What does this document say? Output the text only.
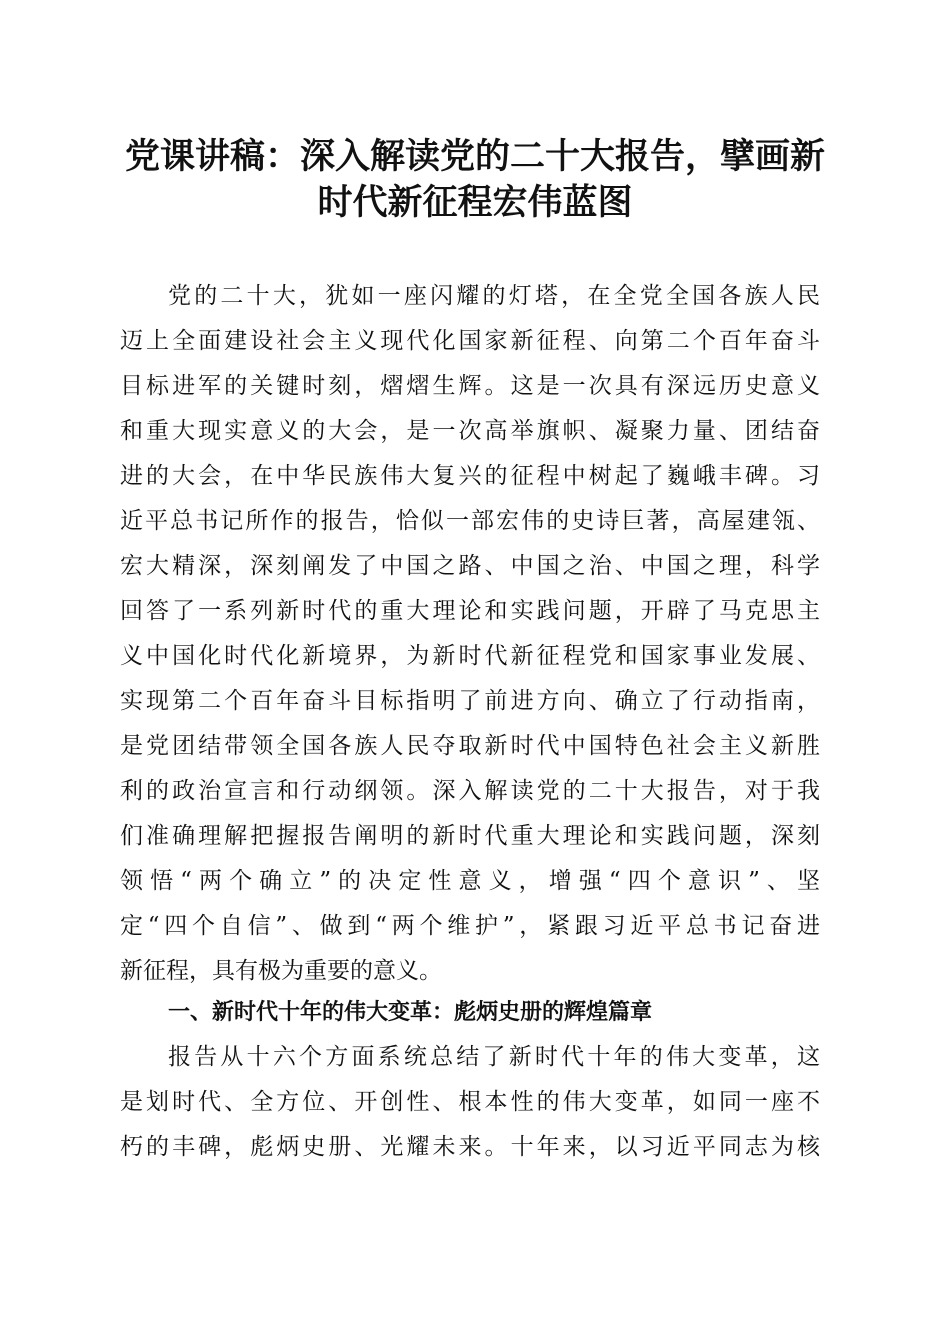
党课讲稿：深入解读党的二十大报告，擘画新
时代新征程宏伟蓝图

党的二十大，犹如一座闪耀的灯塔，在全党全国各族人民

迈上全面建设社会主义现代化国家新征程、向第二个百年奋斗

目标进军的关键时刻，熠熠生辉。这是一次具有深远历史意义

和重大现实意义的大会，是一次高举旗帜、凝聚力量、团结奋

进的大会，在中华民族伟大复兴的征程中树起了巍峨丰碑。习

近平总书记所作的报告，恰似一部宏伟的史诗巨著，高屋建瓴、

宏大精深，深刻阐发了中国之路、中国之治、中国之理，科学

回答了一系列新时代的重大理论和实践问题，开辟了马克思主

义中国化时代化新境界，为新时代新征程党和国家事业发展、

实现第二个百年奋斗目标指明了前进方向、确立了行动指南，

是党团结带领全国各族人民夺取新时代中国特色社会主义新胜

利的政治宣言和行动纲领。深入解读党的二十大报告，对于我

们准确理解把握报告阐明的新时代重大理论和实践问题，深刻

领悟“两个确立”的决定性意义，增强“四个意识”、坚

定“四个自信”、做到“两个维护”，紧跟习近平总书记奋进

新征程，具有极为重要的意义。

一、新时代十年的伟大变革：彪炳史册的辉煌篇章

报告从十六个方面系统总结了新时代十年的伟大变革，这

是划时代、全方位、开创性、根本性的伟大变革，如同一座不

朽的丰碑，彪炳史册、光耀未来。十年来，以习近平同志为核
